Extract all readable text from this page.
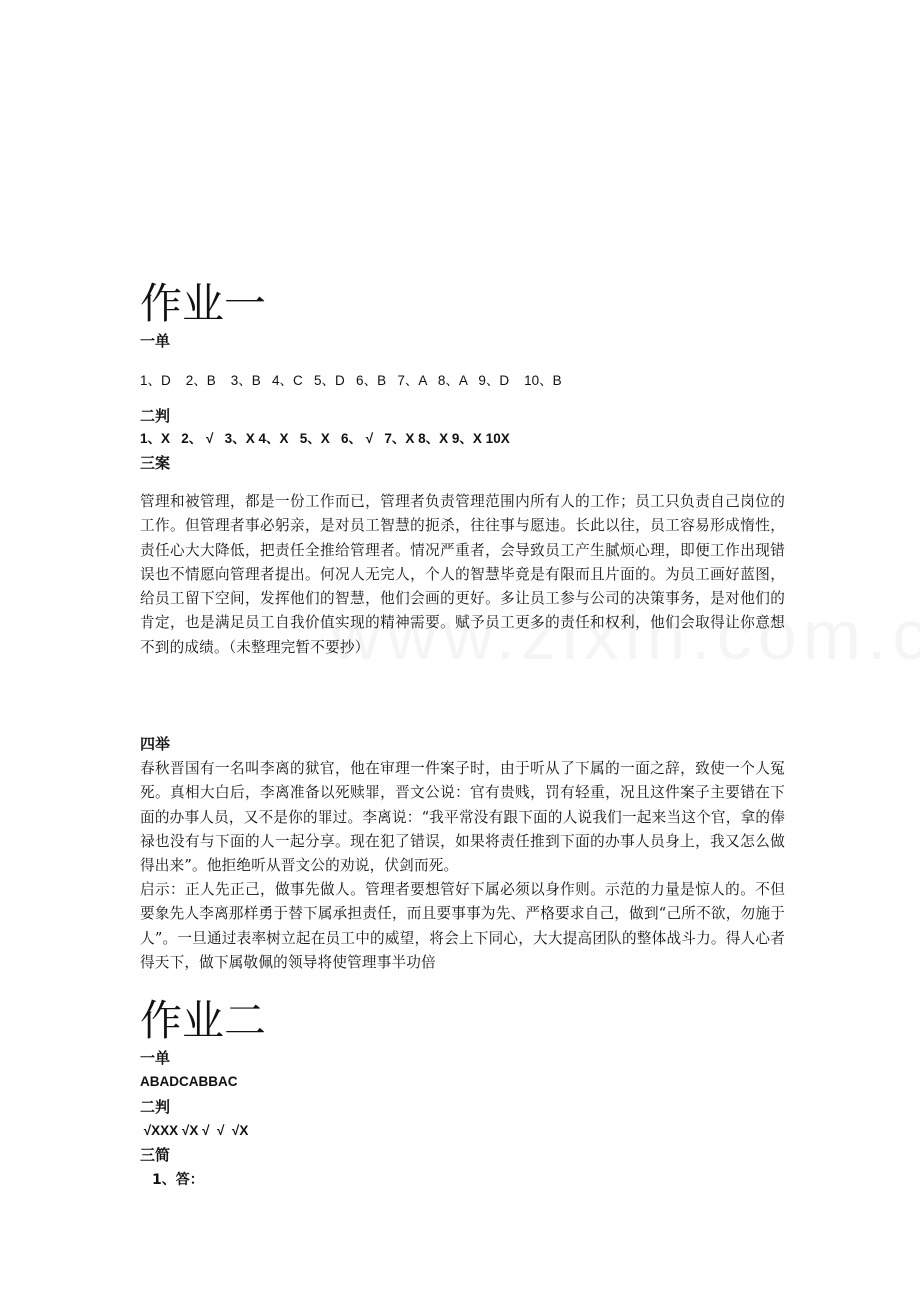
作业一
一单
1、D    2、B    3、B   4、C   5、D   6、B   7、A   8、A   9、D    10、B
二判
1、X   2、 √   3、X 4、X   5、X   6、 √   7、X 8、X 9、X 10X
三案
管理和被管理，都是一份工作而已，管理者负责管理范围内所有人的工作；员工只负责自己岗位的工作。但管理者事必躬亲，是对员工智慧的扼杀，往往事与愿违。长此以往，员工容易形成惰性，责任心大大降低，把责任全推给管理者。情况严重者，会导致员工产生腻烦心理，即便工作出现错误也不情愿向管理者提出。何况人无完人，个人的智慧毕竟是有限而且片面的。为员工画好蓝图，给员工留下空间，发挥他们的智慧，他们会画的更好。多让员工参与公司的决策事务，是对他们的肯定，也是满足员工自我价值实现的精神需要。赋予员工更多的责任和权利，他们会取得让你意想不到的成绩。（未整理完暂不要抄）
四举
春秋晋国有一名叫李离的狱官，他在审理一件案子时，由于听从了下属的一面之辞，致使一个人冤死。真相大白后，李离准备以死赎罪，晋文公说：官有贵贱，罚有轻重，况且这件案子主要错在下面的办事人员，又不是你的罪过。李离说：“我平常没有跟下面的人说我们一起来当这个官，拿的俸禄也没有与下面的人一起分享。现在犯了错误，如果将责任推到下面的办事人员身上，我又怎么做得出来”。他拒绝听从晋文公的劝说，伏剑而死。
启示：正人先正己，做事先做人。管理者要想管好下属必须以身作则。示范的力量是惊人的。不但要象先人李离那样勇于替下属承担责任，而且要事事为先、严格要求自己，做到“己所不欲，勿施于人”。一旦通过表率树立起在员工中的威望，将会上下同心，大大提高团队的整体战斗力。得人心者得天下，做下属敬佩的领导将使管理事半功倍
作业二
一单
ABADCABBAC
二判
√XXX √X √  √  √X
三简
1、答：
